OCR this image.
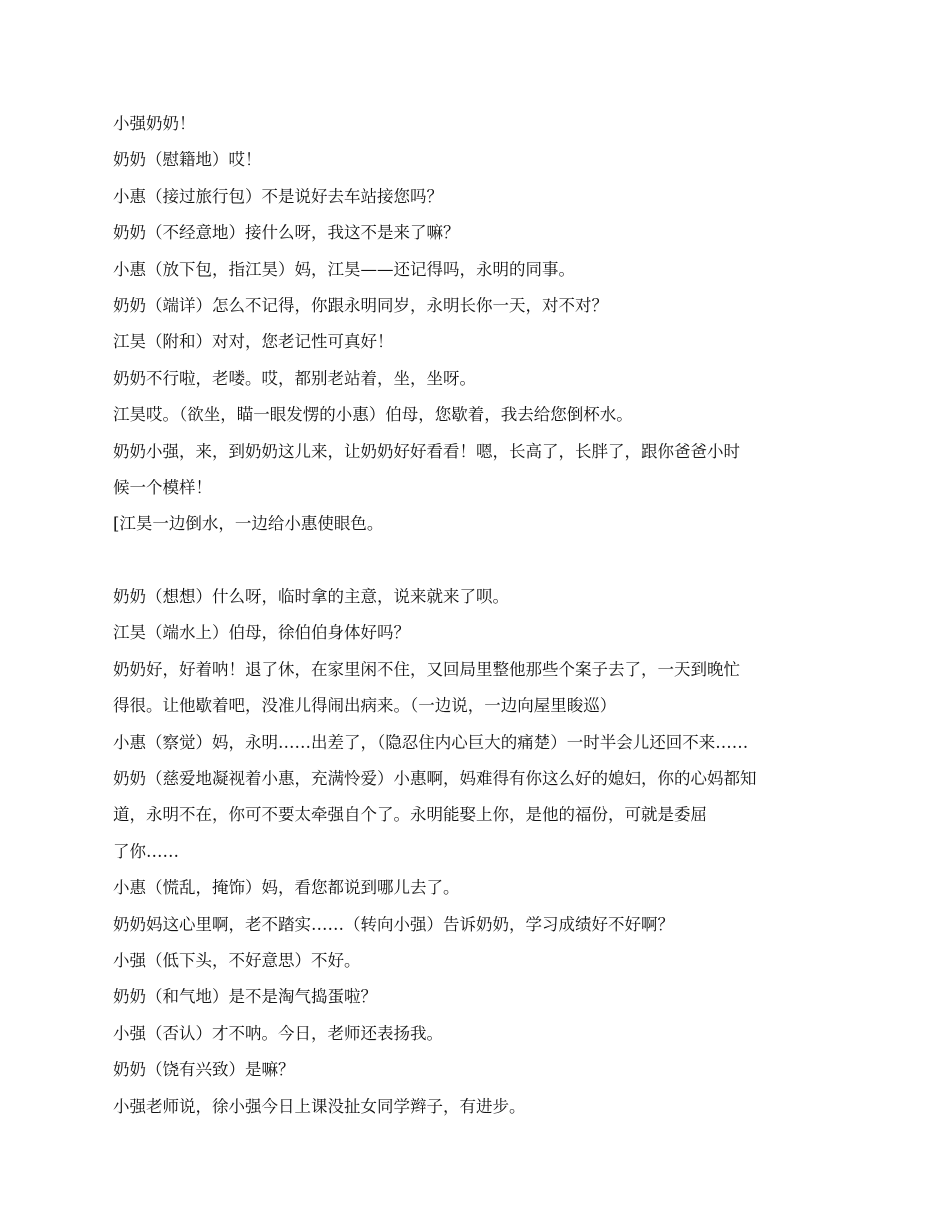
小强奶奶！

奶奶（慰籍地）哎！

小惠（接过旅行包）不是说好去车站接您吗？

奶奶（不经意地）接什么呀，我这不是来了嘛？

小惠（放下包，指江昊）妈，江昊——还记得吗，永明的同事。

奶奶（端详）怎么不记得，你跟永明同岁，永明长你一天，对不对？

江昊（附和）对对，您老记性可真好！

奶奶不行啦，老喽。哎，都别老站着，坐，坐呀。

江昊哎。（欲坐，瞄一眼发愣的小惠）伯母，您歇着，我去给您倒杯水。

奶奶小强，来，到奶奶这儿来，让奶奶好好看看！嗯，长高了，长胖了，跟你爸爸小时

候一个模样！

[江昊一边倒水，一边给小惠使眼色。

奶奶（想想）什么呀，临时拿的主意，说来就来了呗。

江昊（端水上）伯母，徐伯伯身体好吗？

奶奶好，好着呐！退了休，在家里闲不住，又回局里整他那些个案子去了，一天到晚忙

得很。让他歇着吧，没准儿得闹出病来。（一边说，一边向屋里睃巡）

小惠（察觉）妈，永明……出差了，（隐忍住内心巨大的痛楚）一时半会儿还回不来……

奶奶（慈爱地凝视着小惠，充满怜爱）小惠啊，妈难得有你这么好的媳妇，你的心妈都知

道，永明不在，你可不要太牵强自个了。永明能娶上你，是他的福份，可就是委屈

了你……

小惠（慌乱，掩饰）妈，看您都说到哪儿去了。

奶奶妈这心里啊，老不踏实……（转向小强）告诉奶奶，学习成绩好不好啊？

小强（低下头，不好意思）不好。

奶奶（和气地）是不是淘气捣蛋啦？

小强（否认）才不呐。今日，老师还表扬我。

奶奶（饶有兴致）是嘛？

小强老师说，徐小强今日上课没扯女同学辫子，有进步。
